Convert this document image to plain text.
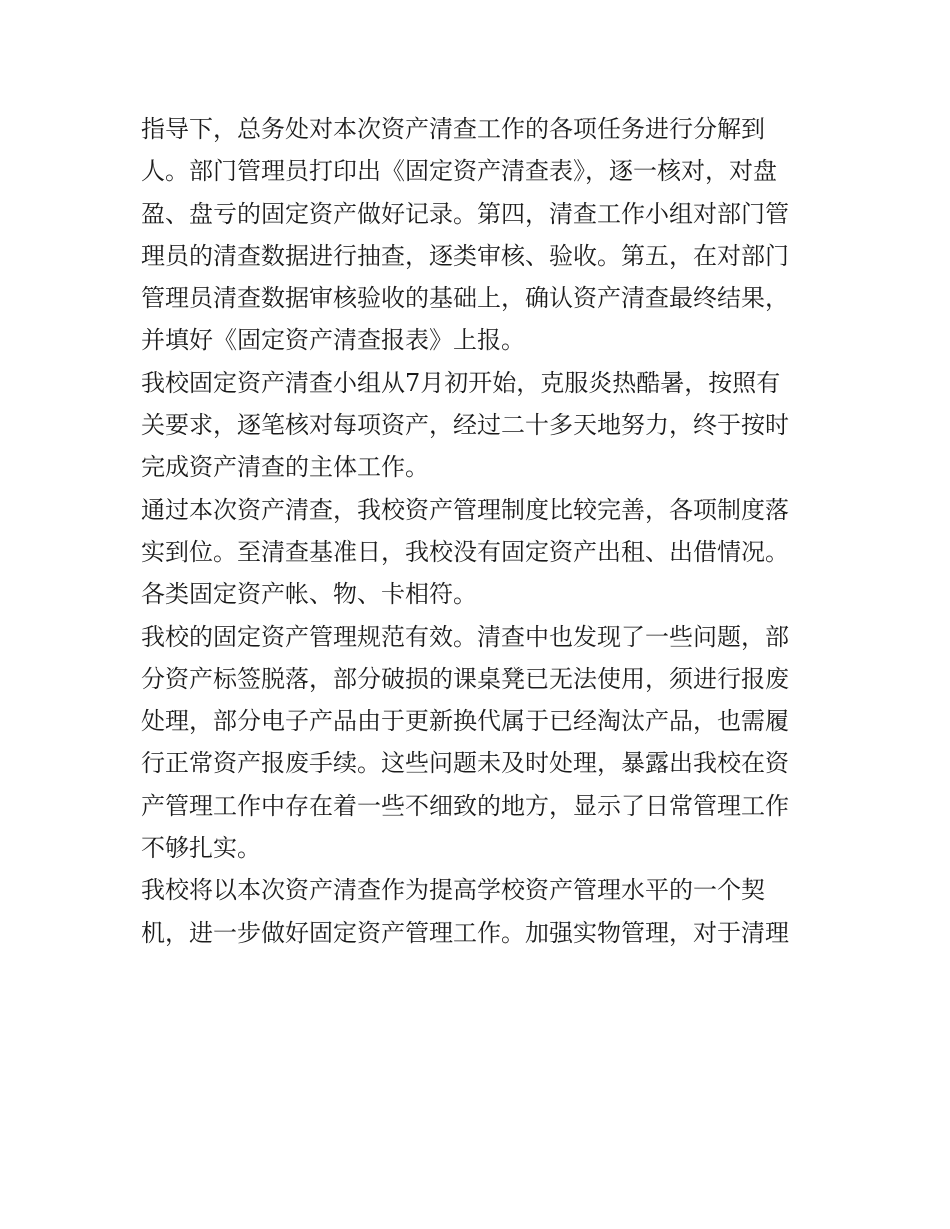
指导下，总务处对本次资产清查工作的各项任务进行分解到
人。部门管理员打印出《固定资产清查表》，逐一核对，对盘
盈、盘亏的固定资产做好记录。第四，清查工作小组对部门管
理员的清查数据进行抽查，逐类审核、验收。第五，在对部门
管理员清查数据审核验收的基础上，确认资产清查最终结果，
并填好《固定资产清查报表》上报。
我校固定资产清查小组从7月初开始，克服炎热酷暑，按照有
关要求，逐笔核对每项资产，经过二十多天地努力，终于按时
完成资产清查的主体工作。
通过本次资产清查，我校资产管理制度比较完善，各项制度落
实到位。至清查基准日，我校没有固定资产出租、出借情况。
各类固定资产帐、物、卡相符。
我校的固定资产管理规范有效。清查中也发现了一些问题，部
分资产标签脱落，部分破损的课桌凳已无法使用，须进行报废
处理，部分电子产品由于更新换代属于已经淘汰产品，也需履
行正常资产报废手续。这些问题未及时处理，暴露出我校在资
产管理工作中存在着一些不细致的地方，显示了日常管理工作
不够扎实。
我校将以本次资产清查作为提高学校资产管理水平的一个契
机，进一步做好固定资产管理工作。加强实物管理，对于清理
